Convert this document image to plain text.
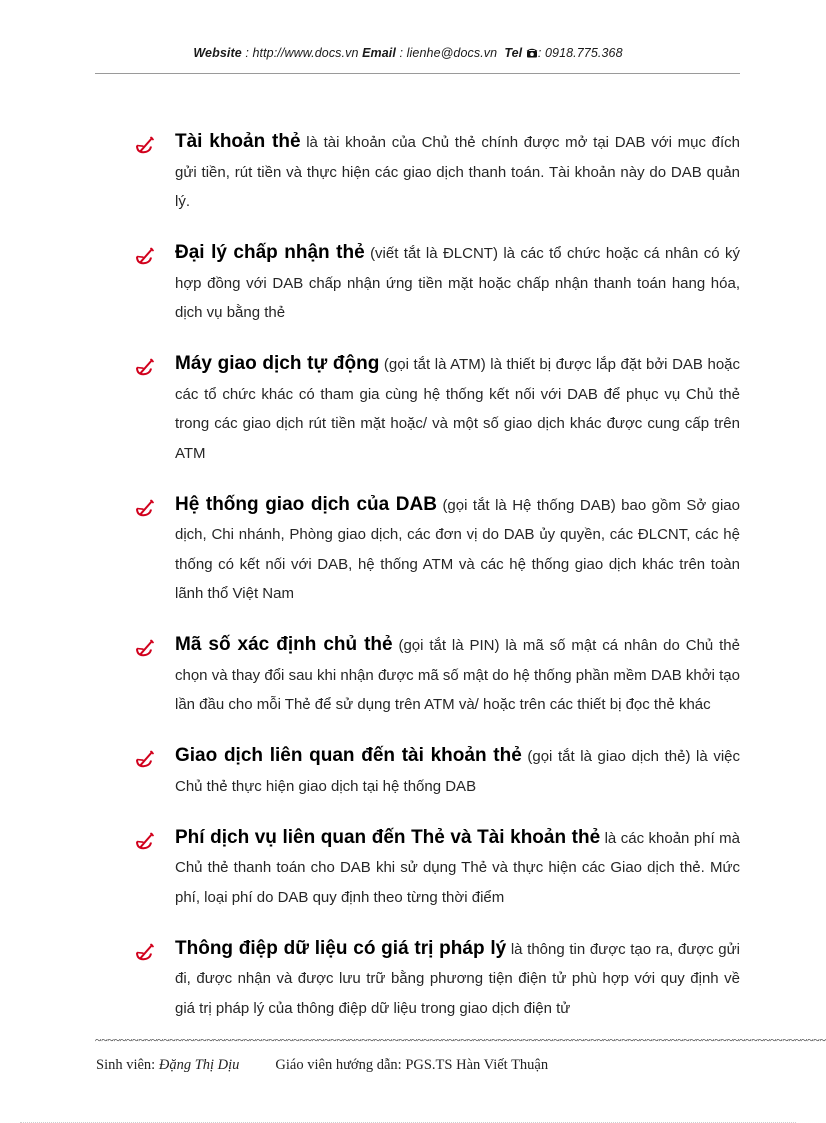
Website : http://www.docs.vn Email : lienhe@docs.vn Tel : 0918.775.368

Tài khoản thẻ là tài khoản của Chủ thẻ chính được mở tại DAB với mục đích gửi tiền, rút tiền và thực hiện các giao dịch thanh toán. Tài khoản này do DAB quản lý.

Đại lý chấp nhận thẻ (viết tắt là ĐLCNT) là các tổ chức hoặc cá nhân có ký hợp đồng với DAB chấp nhận ứng tiền mặt hoặc chấp nhận thanh toán hang hóa, dịch vụ bằng thẻ

Máy giao dịch tự động (gọi tắt là ATM) là thiết bị được lắp đặt bởi DAB hoặc các tổ chức khác có tham gia cùng hệ thống kết nối với DAB để phục vụ Chủ thẻ trong các giao dịch rút tiền mặt hoặc/ và một số giao dịch khác được cung cấp trên ATM

Hệ thống giao dịch của DAB (gọi tắt là Hệ thống DAB) bao gồm Sở giao dịch, Chi nhánh, Phòng giao dịch, các đơn vị do DAB ủy quyền, các ĐLCNT, các hệ thống có kết nối với DAB, hệ thống ATM và các hệ thống giao dịch khác trên toàn lãnh thổ Việt Nam

Mã số xác định chủ thẻ (gọi tắt là PIN) là mã số mật cá nhân do Chủ thẻ chọn và thay đổi sau khi nhận được mã số mật do hệ thống phần mềm DAB khởi tạo lần đầu cho mỗi Thẻ để sử dụng trên ATM và/ hoặc trên các thiết bị đọc thẻ khác

Giao dịch liên quan đến tài khoản thẻ (gọi tắt là giao dịch thẻ) là việc Chủ thẻ thực hiện giao dịch tại hệ thống DAB

Phí dịch vụ liên quan đến Thẻ và Tài khoản thẻ là các khoản phí mà Chủ thẻ thanh toán cho DAB khi sử dụng Thẻ và thực hiện các Giao dịch thẻ. Mức phí, loại phí do DAB quy định theo từng thời điểm

Thông điệp dữ liệu có giá trị pháp lý là thông tin được tạo ra, được gửi đi, được nhận và được lưu trữ bằng phương tiện điện tử phù hợp với quy định về giá trị pháp lý của thông điệp dữ liệu trong giao dịch điện tử

~~~~~~~~~~~~~~~~~~~~~~~~~~~~~~~~~~~~~~~~~~~~~~~~~~~~~~~~~~~~~~~~~~~~~~~~~~~~~~~~~~~~~~~~~~~~~~~~~~~~~~~~~~~~~~~~~~~~~~
Sinh viên: Đặng Thị Dịu Giáo viên hướng dẫn: PGS.TS Hàn Viết Thuận
